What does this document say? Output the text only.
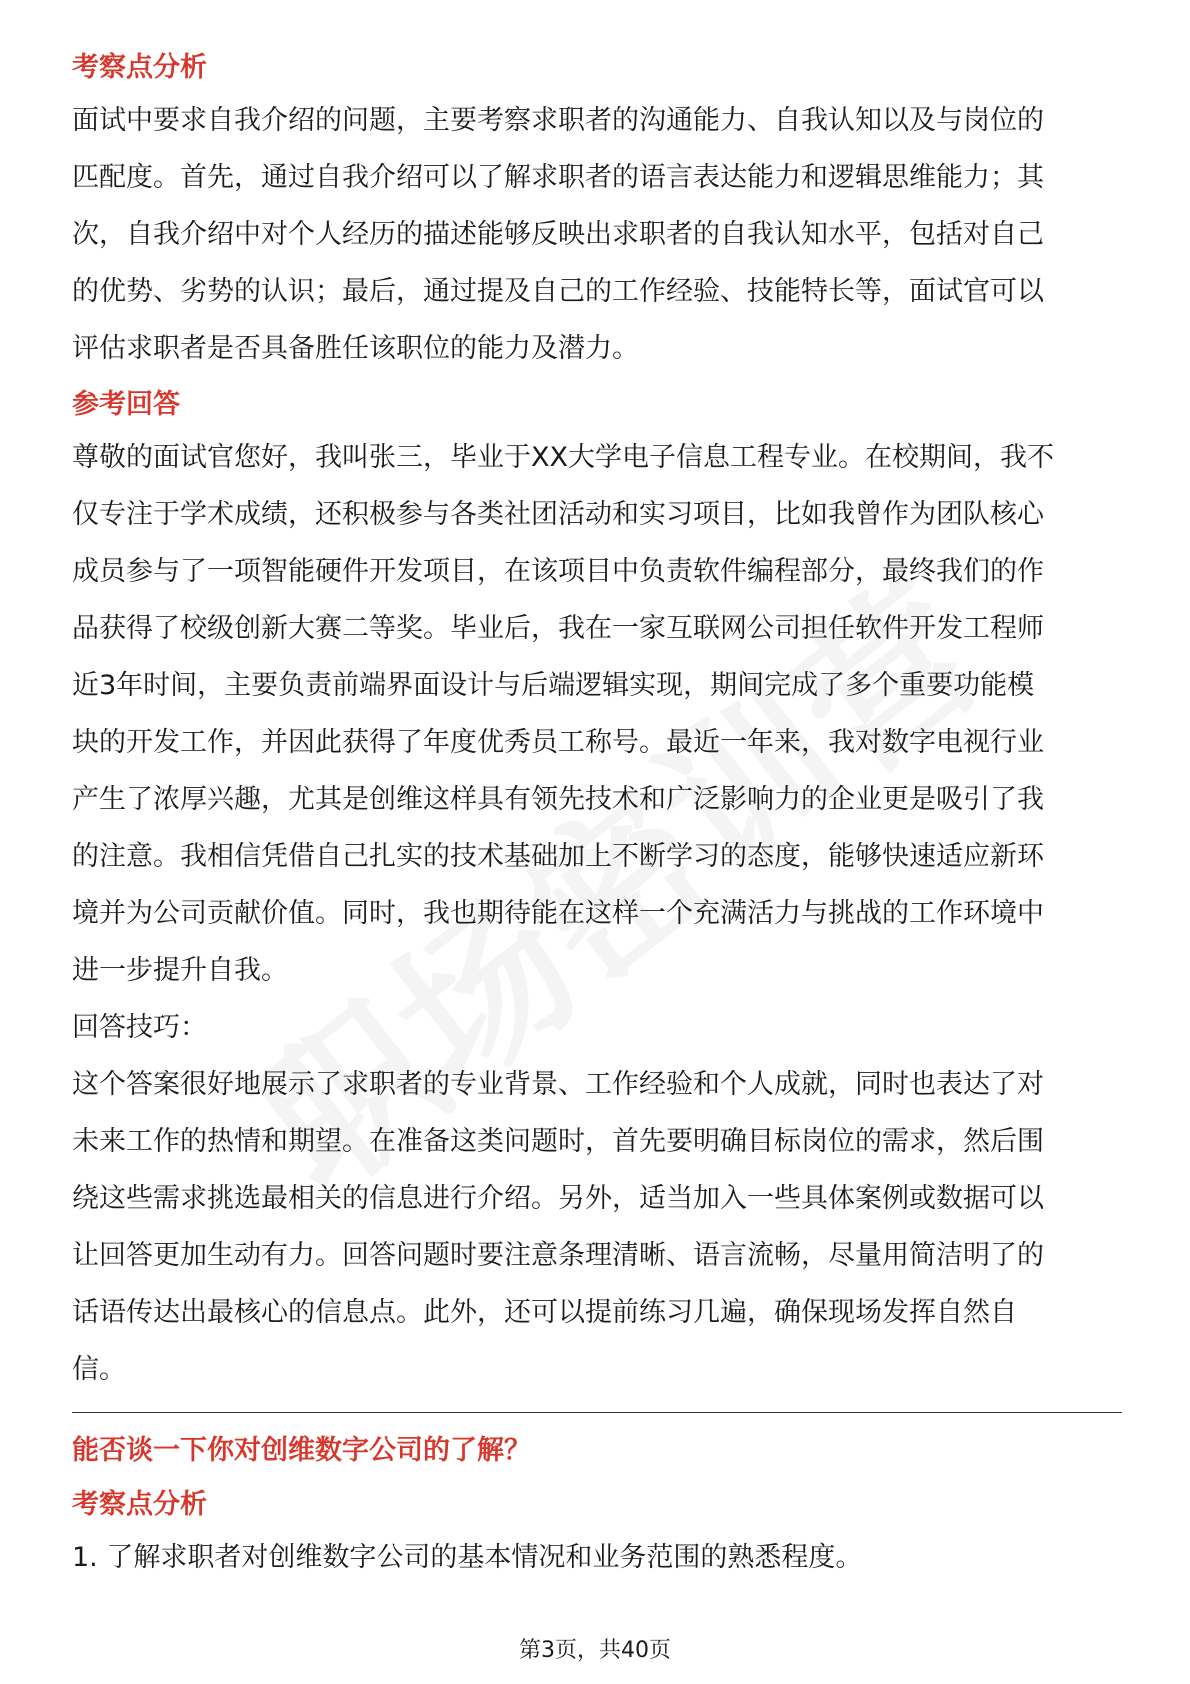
考察点分析

面试中要求自我介绍的问题，主要考察求职者的沟通能力、自我认知以及与岗位的

匹配度。首先，通过自我介绍可以了解求职者的语言表达能力和逻辑思维能力；其

次，自我介绍中对个人经历的描述能够反映出求职者的自我认知水平，包括对自己

的优势、劣势的认识；最后，通过提及自己的工作经验、技能特长等，面试官可以

评估求职者是否具备胜任该职位的能力及潜力。

参考回答

尊敬的面试官您好，我叫张三，毕业于XX大学电子信息工程专业。在校期间，我不

仅专注于学术成绩，还积极参与各类社团活动和实习项目，比如我曾作为团队核心

成员参与了一项智能硬件开发项目，在该项目中负责软件编程部分，最终我们的作

品获得了校级创新大赛二等奖。毕业后，我在一家互联网公司担任软件开发工程师

近3年时间，主要负责前端界面设计与后端逻辑实现，期间完成了多个重要功能模

块的开发工作，并因此获得了年度优秀员工称号。最近一年来，我对数字电视行业

产生了浓厚兴趣，尤其是创维这样具有领先技术和广泛影响力的企业更是吸引了我

的注意。我相信凭借自己扎实的技术基础加上不断学习的态度，能够快速适应新环

境并为公司贡献价值。同时，我也期待能在这样一个充满活力与挑战的工作环境中

进一步提升自我。

回答技巧：

这个答案很好地展示了求职者的专业背景、工作经验和个人成就，同时也表达了对

未来工作的热情和期望。在准备这类问题时，首先要明确目标岗位的需求，然后围

绕这些需求挑选最相关的信息进行介绍。另外，适当加入一些具体案例或数据可以

让回答更加生动有力。回答问题时要注意条理清晰、语言流畅，尽量用简洁明了的

话语传达出最核心的信息点。此外，还可以提前练习几遍，确保现场发挥自然自

信。

能否谈一下你对创维数字公司的了解？
考察点分析

1. 了解求职者对创维数字公司的基本情况和业务范围的熟悉程度。

第3页，共40页
